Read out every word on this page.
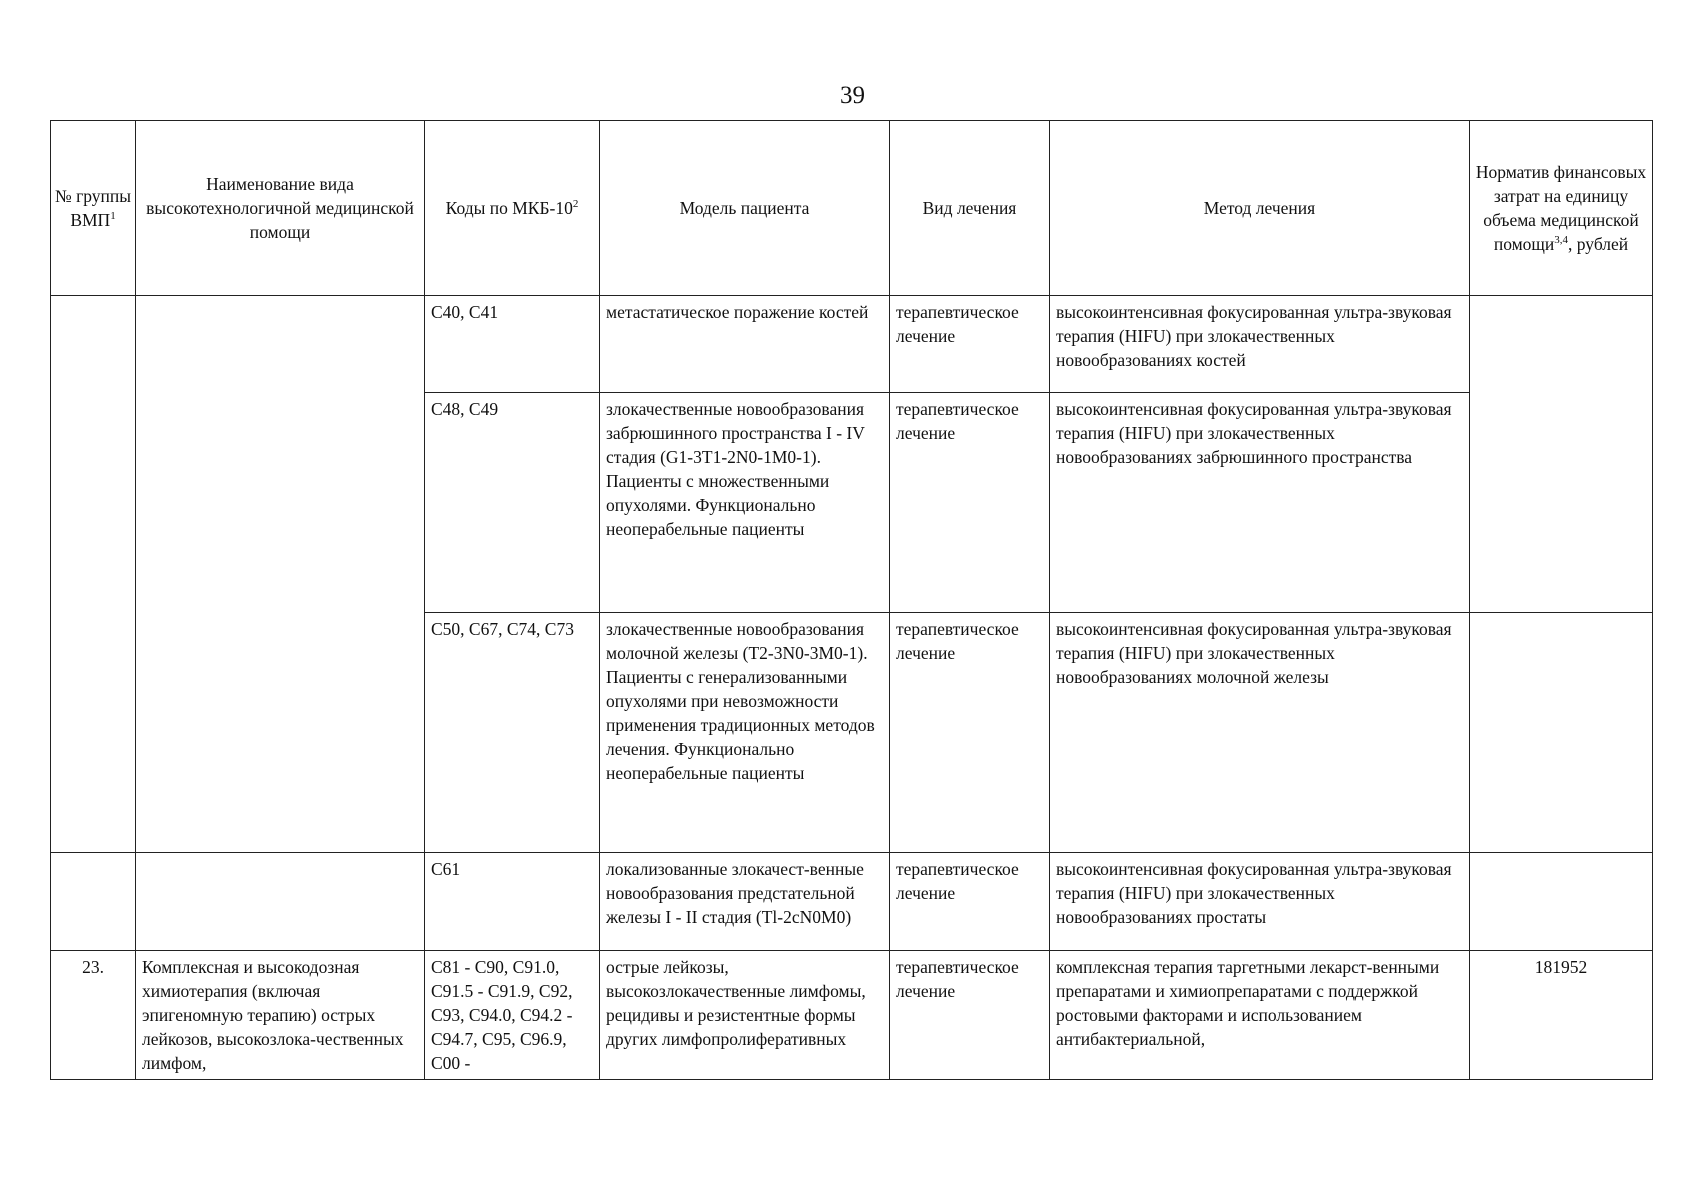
39
№ группы ВМП$^1$	Наименование вида высокотехнологичной медицинской помощи	Коды по МКБ-$10^2$	Модель пациента	Вид лечения	Метод лечения	Норматив финансовых затрат на единицу объема медицинской помощи$^{3,4}$, рублей
		С40, С41	метастатическое поражение костей	терапевтическое лечение	высокоинтенсивная фокусированная ультра-звуковая терапия (HIFU) при злокачественных новообразованиях костей	
		С48, С49	злокачественные новообразования забрюшинного пространства I - IV стадия (G1-3T1-2N0-1M0-1). Пациенты с множественными опухолями. Функционально неоперабельные пациенты	терапевтическое лечение	высокоинтенсивная фокусированная ультра-звуковая терапия (HIFU) при злокачественных новообразованиях забрюшинного пространства	
		С50, С67, С74, С73	злокачественные новообразования молочной железы (T2-3N0-3M0-1). Пациенты с генерализованными опухолями при невозможности применения традиционных методов лечения. Функционально неоперабельные пациенты	терапевтическое лечение	высокоинтенсивная фокусированная ультра-звуковая терапия (HIFU) при злокачественных новообразованиях молочной железы	
		С61	локализованные злокачест-венные новообразования предстательной железы I - II стадия (Tl-2cN0M0)	терапевтическое лечение	высокоинтенсивная фокусированная ультра-звуковая терапия (HIFU) при злокачественных новообразованиях простаты	
23.	Комплексная и высокодозная химиотерапия (включая эпигеномную терапию) острых лейкозов, высокозлока-чественных лимфом,	C81 - C90, C91.0, C91.5 - C91.9, C92, C93, C94.0, C94.2 - C94.7, C95, C96.9, C00 -	острые лейкозы, высокозлокачественные лимфомы, рецидивы и резистентные формы других лимфопролиферативных	терапевтическое лечение	комплексная терапия таргетными лекарст-венными препаратами и химиопрепаратами с поддержкой ростовыми факторами и использованием антибактериальной,	181952
